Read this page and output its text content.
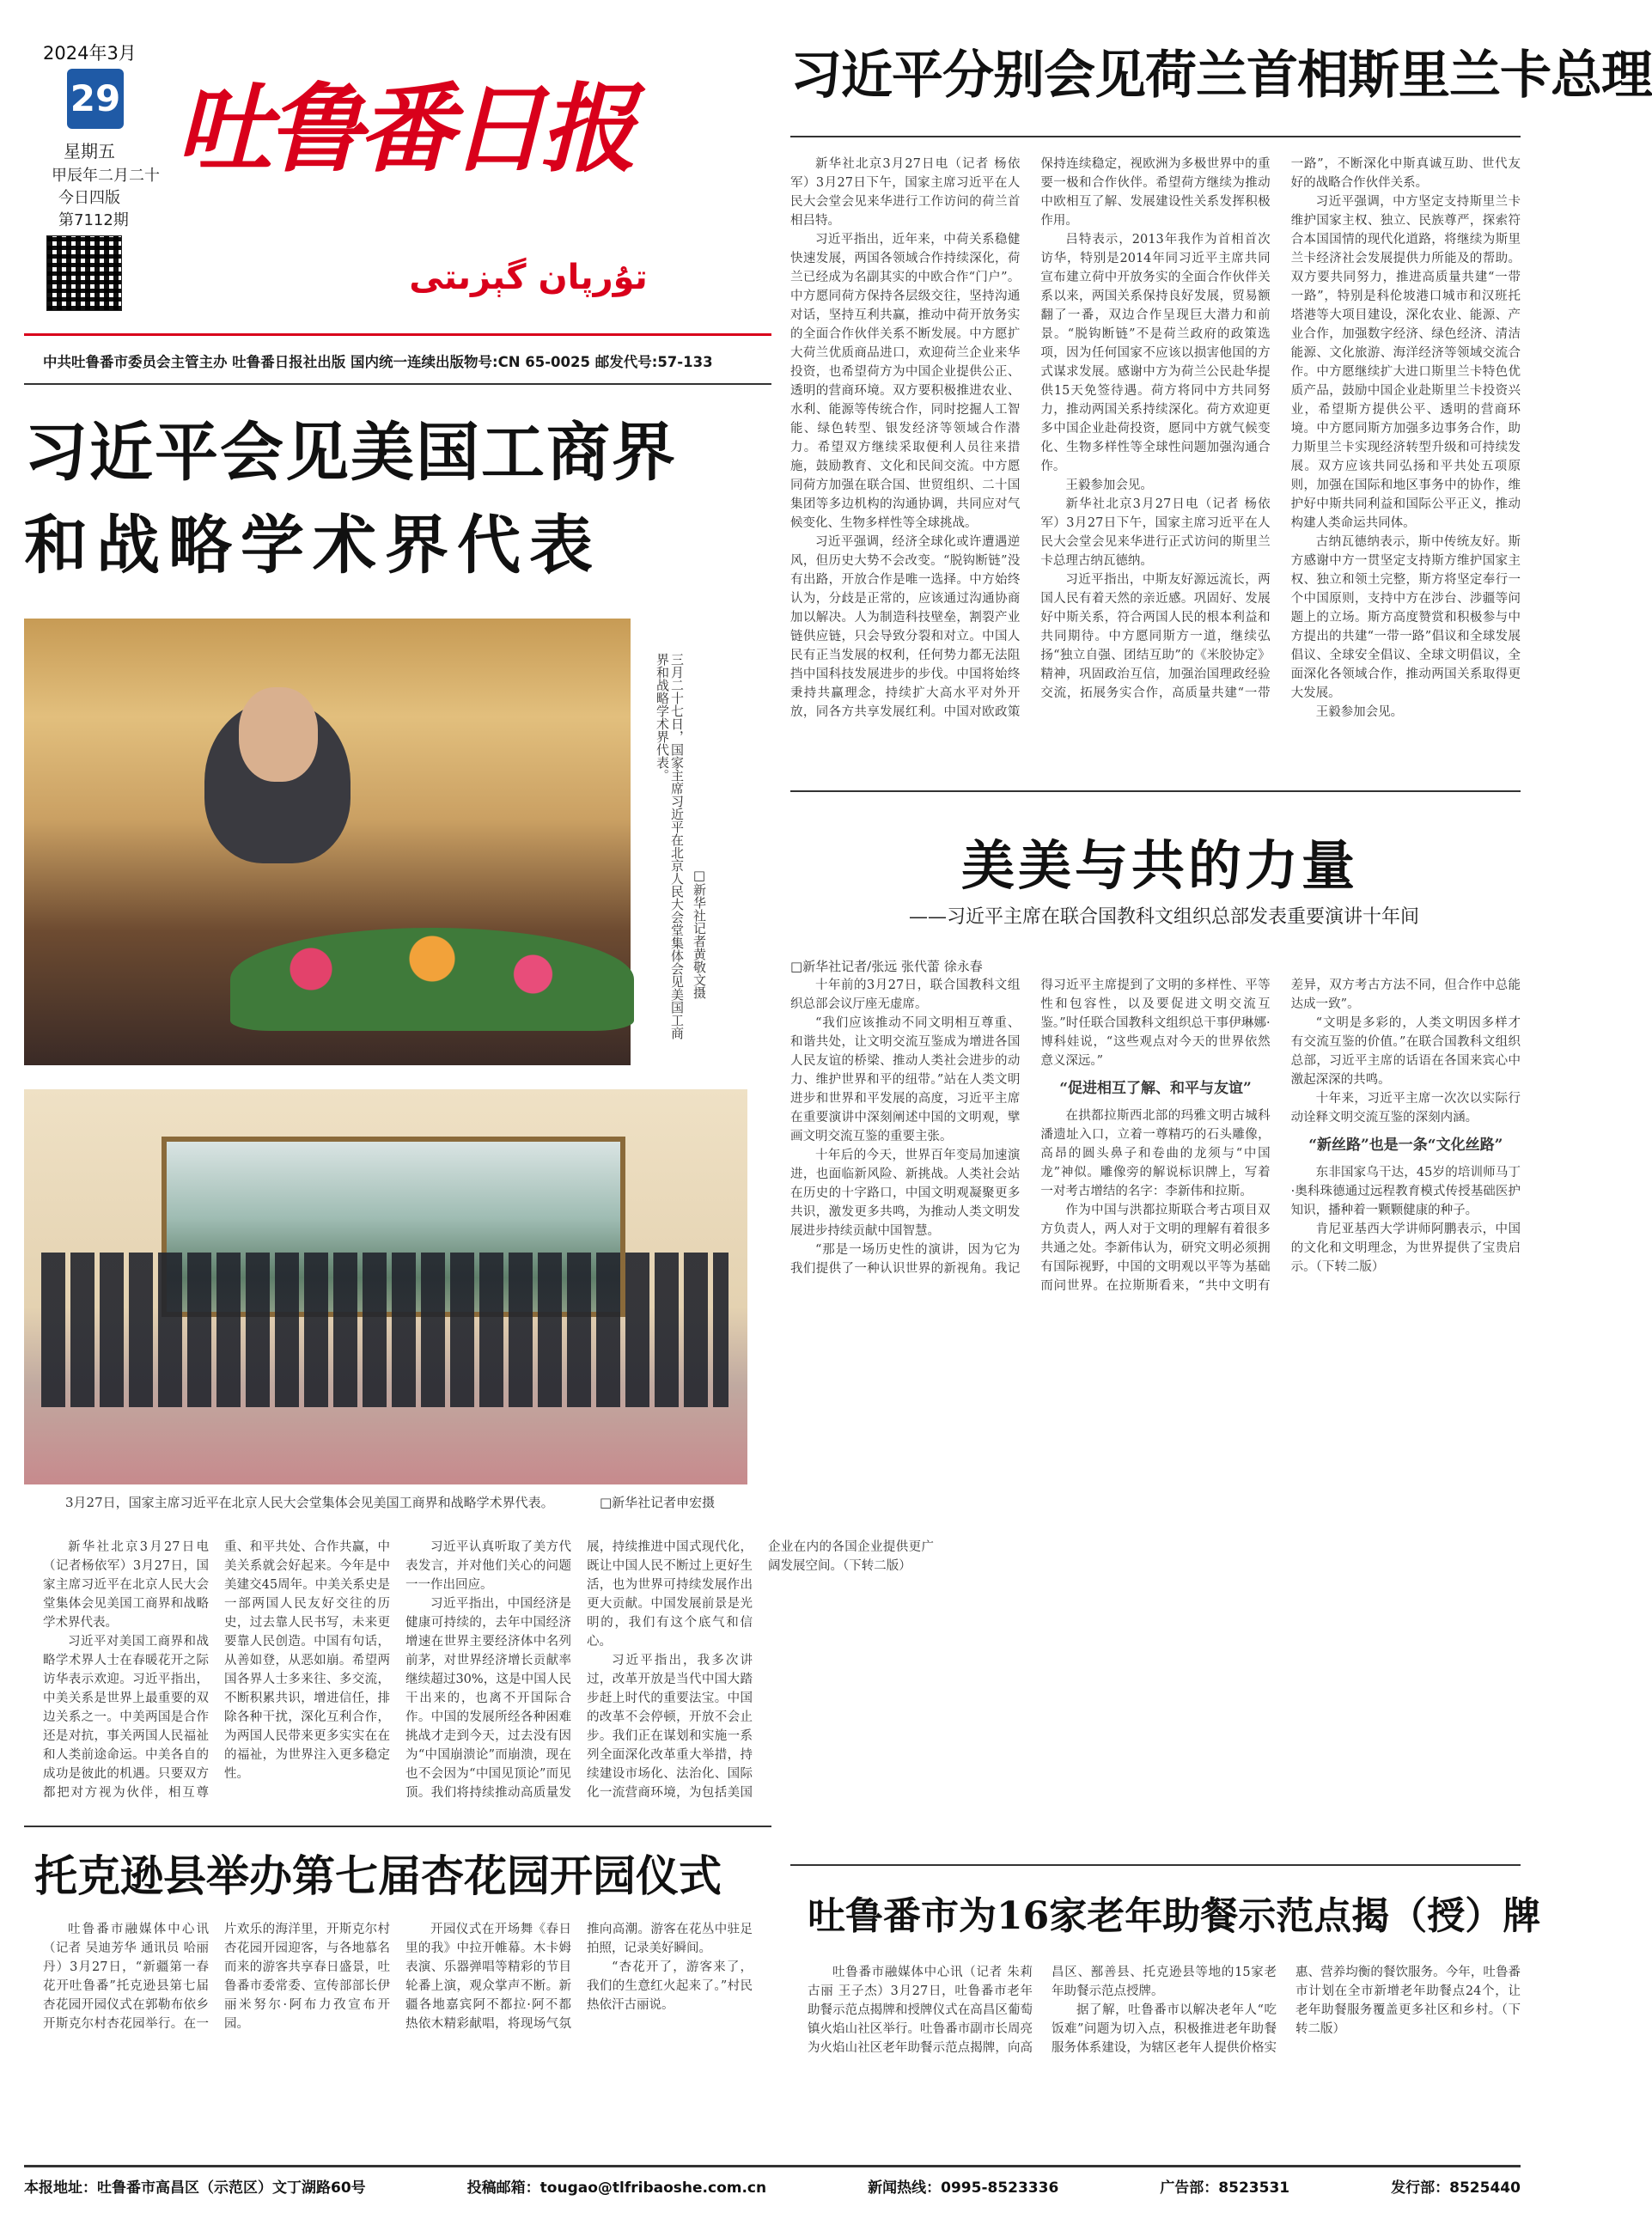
2024年3月
29
星期五
甲辰年二月二十
今日四版
第7112期
吐鲁番日报
تۇرپان گېزىتى
中共吐鲁番市委员会主管主办 吐鲁番日报社出版 国内统一连续出版物号:CN 65-0025 邮发代号:57-133
习近平分别会见荷兰首相斯里兰卡总理

新华社北京3月27日电（记者 杨依军）3月27日下午，国家主席习近平在人民大会堂会见来华进行工作访问的荷兰首相吕特。

习近平指出，近年来，中荷关系稳健快速发展，两国各领域合作持续深化，荷兰已经成为名副其实的中欧合作“门户”。中方愿同荷方保持各层级交往，坚持沟通对话，坚持互利共赢，推动中荷开放务实的全面合作伙伴关系不断发展。中方愿扩大荷兰优质商品进口，欢迎荷兰企业来华投资，也希望荷方为中国企业提供公正、透明的营商环境。双方要积极推进农业、水利、能源等传统合作，同时挖掘人工智能、绿色转型、银发经济等领域合作潜力。希望双方继续采取便利人员往来措施，鼓励教育、文化和民间交流。中方愿同荷方加强在联合国、世贸组织、二十国集团等多边机构的沟通协调，共同应对气候变化、生物多样性等全球挑战。

习近平强调，经济全球化或许遭遇逆风，但历史大势不会改变。“脱钩断链”没有出路，开放合作是唯一选择。中方始终认为，分歧是正常的，应该通过沟通协商加以解决。人为制造科技壁垒，割裂产业链供应链，只会导致分裂和对立。中国人民有正当发展的权利，任何势力都无法阻挡中国科技发展进步的步伐。中国将始终秉持共赢理念，持续扩大高水平对外开放，同各方共享发展红利。中国对欧政策保持连续稳定，视欧洲为多极世界中的重要一极和合作伙伴。希望荷方继续为推动中欧相互了解、发展建设性关系发挥积极作用。

吕特表示，2013年我作为首相首次访华，特别是2014年同习近平主席共同宣布建立荷中开放务实的全面合作伙伴关系以来，两国关系保持良好发展，贸易额翻了一番，双边合作呈现巨大潜力和前景。“脱钩断链”不是荷兰政府的政策选项，因为任何国家不应该以损害他国的方式谋求发展。感谢中方为荷兰公民赴华提供15天免签待遇。荷方将同中方共同努力，推动两国关系持续深化。荷方欢迎更多中国企业赴荷投资，愿同中方就气候变化、生物多样性等全球性问题加强沟通合作。

王毅参加会见。

新华社北京3月27日电（记者 杨依军）3月27日下午，国家主席习近平在人民大会堂会见来华进行正式访问的斯里兰卡总理古纳瓦德纳。

习近平指出，中斯友好源远流长，两国人民有着天然的亲近感。巩固好、发展好中斯关系，符合两国人民的根本利益和共同期待。中方愿同斯方一道，继续弘扬“独立自强、团结互助”的《米胶协定》精神，巩固政治互信，加强治国理政经验交流，拓展务实合作，高质量共建“一带一路”，不断深化中斯真诚互助、世代友好的战略合作伙伴关系。

习近平强调，中方坚定支持斯里兰卡维护国家主权、独立、民族尊严，探索符合本国国情的现代化道路，将继续为斯里兰卡经济社会发展提供力所能及的帮助。双方要共同努力，推进高质量共建“一带一路”，特别是科伦坡港口城市和汉班托塔港等大项目建设，深化农业、能源、产业合作，加强数字经济、绿色经济、清洁能源、文化旅游、海洋经济等领域交流合作。中方愿继续扩大进口斯里兰卡特色优质产品，鼓励中国企业赴斯里兰卡投资兴业，希望斯方提供公平、透明的营商环境。中方愿同斯方加强多边事务合作，助力斯里兰卡实现经济转型升级和可持续发展。双方应该共同弘扬和平共处五项原则，加强在国际和地区事务中的协作，维护好中斯共同利益和国际公平正义，推动构建人类命运共同体。

古纳瓦德纳表示，斯中传统友好。斯方感谢中方一贯坚定支持斯方维护国家主权、独立和领土完整，斯方将坚定奉行一个中国原则，支持中方在涉台、涉疆等问题上的立场。斯方高度赞赏和积极参与中方提出的共建“一带一路”倡议和全球发展倡议、全球安全倡议、全球文明倡议，全面深化各领域合作，推动两国关系取得更大发展。

王毅参加会见。

习近平会见美国工商界
和战略学术界代表
三月二十七日，国家主席习近平在北京人民大会堂集体会见美国工商界和战略学术界代表。
□新华社记者黄敬文摄
3月27日，国家主席习近平在北京人民大会堂集体会见美国工商界和战略学术界代表。	□新华社记者申宏摄

新华社北京3月27日电（记者杨依军）3月27日，国家主席习近平在北京人民大会堂集体会见美国工商界和战略学术界代表。

习近平对美国工商界和战略学术界人士在春暖花开之际访华表示欢迎。习近平指出，中美关系是世界上最重要的双边关系之一。中美两国是合作还是对抗，事关两国人民福祉和人类前途命运。中美各自的成功是彼此的机遇。只要双方都把对方视为伙伴，相互尊重、和平共处、合作共赢，中美关系就会好起来。今年是中美建交45周年。中美关系史是一部两国人民友好交往的历史，过去靠人民书写，未来更要靠人民创造。中国有句话，从善如登，从恶如崩。希望两国各界人士多来往、多交流，不断积累共识，增进信任，排除各种干扰，深化互利合作，为两国人民带来更多实实在在的福祉，为世界注入更多稳定性。

习近平认真听取了美方代表发言，并对他们关心的问题一一作出回应。

习近平指出，中国经济是健康可持续的，去年中国经济增速在世界主要经济体中名列前茅，对世界经济增长贡献率继续超过30%，这是中国人民干出来的，也离不开国际合作。中国的发展所经各种困难挑战才走到今天，过去没有因为“中国崩溃论”而崩溃，现在也不会因为“中国见顶论”而见顶。我们将持续推动高质量发展，持续推进中国式现代化，既让中国人民不断过上更好生活，也为世界可持续发展作出更大贡献。中国发展前景是光明的，我们有这个底气和信心。

习近平指出，我多次讲过，改革开放是当代中国大踏步赶上时代的重要法宝。中国的改革不会停顿，开放不会止步。我们正在谋划和实施一系列全面深化改革重大举措，持续建设市场化、法治化、国际化一流营商环境，为包括美国企业在内的各国企业提供更广阔发展空间。（下转二版）

美美与共的力量
——习近平主席在联合国教科文组织总部发表重要演讲十年间
□新华社记者/张远 张代蕾 徐永春

十年前的3月27日，联合国教科文组织总部会议厅座无虚席。

“我们应该推动不同文明相互尊重、和谐共处，让文明交流互鉴成为增进各国人民友谊的桥梁、推动人类社会进步的动力、维护世界和平的纽带。”站在人类文明进步和世界和平发展的高度，习近平主席在重要演讲中深刻阐述中国的文明观，擘画文明交流互鉴的重要主张。

十年后的今天，世界百年变局加速演进，也面临新风险、新挑战。人类社会站在历史的十字路口，中国文明观凝聚更多共识，激发更多共鸣，为推动人类文明发展进步持续贡献中国智慧。

“那是一场历史性的演讲，因为它为我们提供了一种认识世界的新视角。我记得习近平主席提到了文明的多样性、平等性和包容性，以及要促进文明交流互鉴。”时任联合国教科文组织总干事伊琳娜·博科娃说，“这些观点对今天的世界依然意义深远。”

“促进相互了解、和平与友谊”

在拱都拉斯西北部的玛雅文明古城科潘遗址入口，立着一尊精巧的石头雕像，高昂的圆头鼻子和卷曲的龙须与“中国龙”神似。雕像旁的解说标识牌上，写着一对考古增结的名字：李新伟和拉斯。

作为中国与洪都拉斯联合考古项目双方负责人，两人对于文明的理解有着很多共通之处。李新伟认为，研究文明必须拥有国际视野，中国的文明观以平等为基础而问世界。在拉斯斯看来，“共中文明有差异，双方考古方法不同，但合作中总能达成一致”。

“文明是多彩的，人类文明因多样才有交流互鉴的价值。”在联合国教科文组织总部，习近平主席的话语在各国来宾心中激起深深的共鸣。

十年来，习近平主席一次次以实际行动诠释文明交流互鉴的深刻内涵。

“新丝路”也是一条“文化丝路”

东非国家乌干达，45岁的培训师马丁·奥科珠德通过远程教育模式传授基础医护知识，播种着一颗颗健康的种子。

肯尼亚基西大学讲师阿鹏表示，中国的文化和文明理念，为世界提供了宝贵启示。（下转二版）

托克逊县举办第七届杏花园开园仪式

吐鲁番市融媒体中心讯（记者 吴迪芳华 通讯员 哈丽丹）3月27日，“新疆第一春 花开吐鲁番”托克逊县第七届杏花园开园仪式在郭勒布依乡开斯克尔村杏花园举行。在一片欢乐的海洋里，开斯克尔村杏花园开园迎客，与各地慕名而来的游客共享春日盛景，吐鲁番市委常委、宣传部部长伊丽米努尔·阿布力孜宣布开园。

开园仪式在开场舞《春日里的我》中拉开帷幕。木卡姆表演、乐器弹唱等精彩的节目轮番上演，观众掌声不断。新疆各地嘉宾阿不都拉·阿不都热依木精彩献唱，将现场气氛推向高潮。游客在花丛中驻足拍照，记录美好瞬间。

“杏花开了，游客来了，我们的生意红火起来了。”村民热依汗古丽说。

吐鲁番市为16家老年助餐示范点揭（授）牌

吐鲁番市融媒体中心讯（记者 朱莉古丽 王子杰）3月27日，吐鲁番市老年助餐示范点揭牌和授牌仪式在高昌区葡萄镇火焰山社区举行。吐鲁番市副市长周亮为火焰山社区老年助餐示范点揭牌，向高昌区、鄯善县、托克逊县等地的15家老年助餐示范点授牌。

据了解，吐鲁番市以解决老年人“吃饭难”问题为切入点，积极推进老年助餐服务体系建设，为辖区老年人提供价格实惠、营养均衡的餐饮服务。今年，吐鲁番市计划在全市新增老年助餐点24个，让老年助餐服务覆盖更多社区和乡村。（下转二版）

本报地址：吐鲁番市高昌区（示范区）文丁湖路60号	投稿邮箱：tougao@tlfribaoshe.com.cn	新闻热线：0995-8523336	广告部：8523531	发行部：8525440
